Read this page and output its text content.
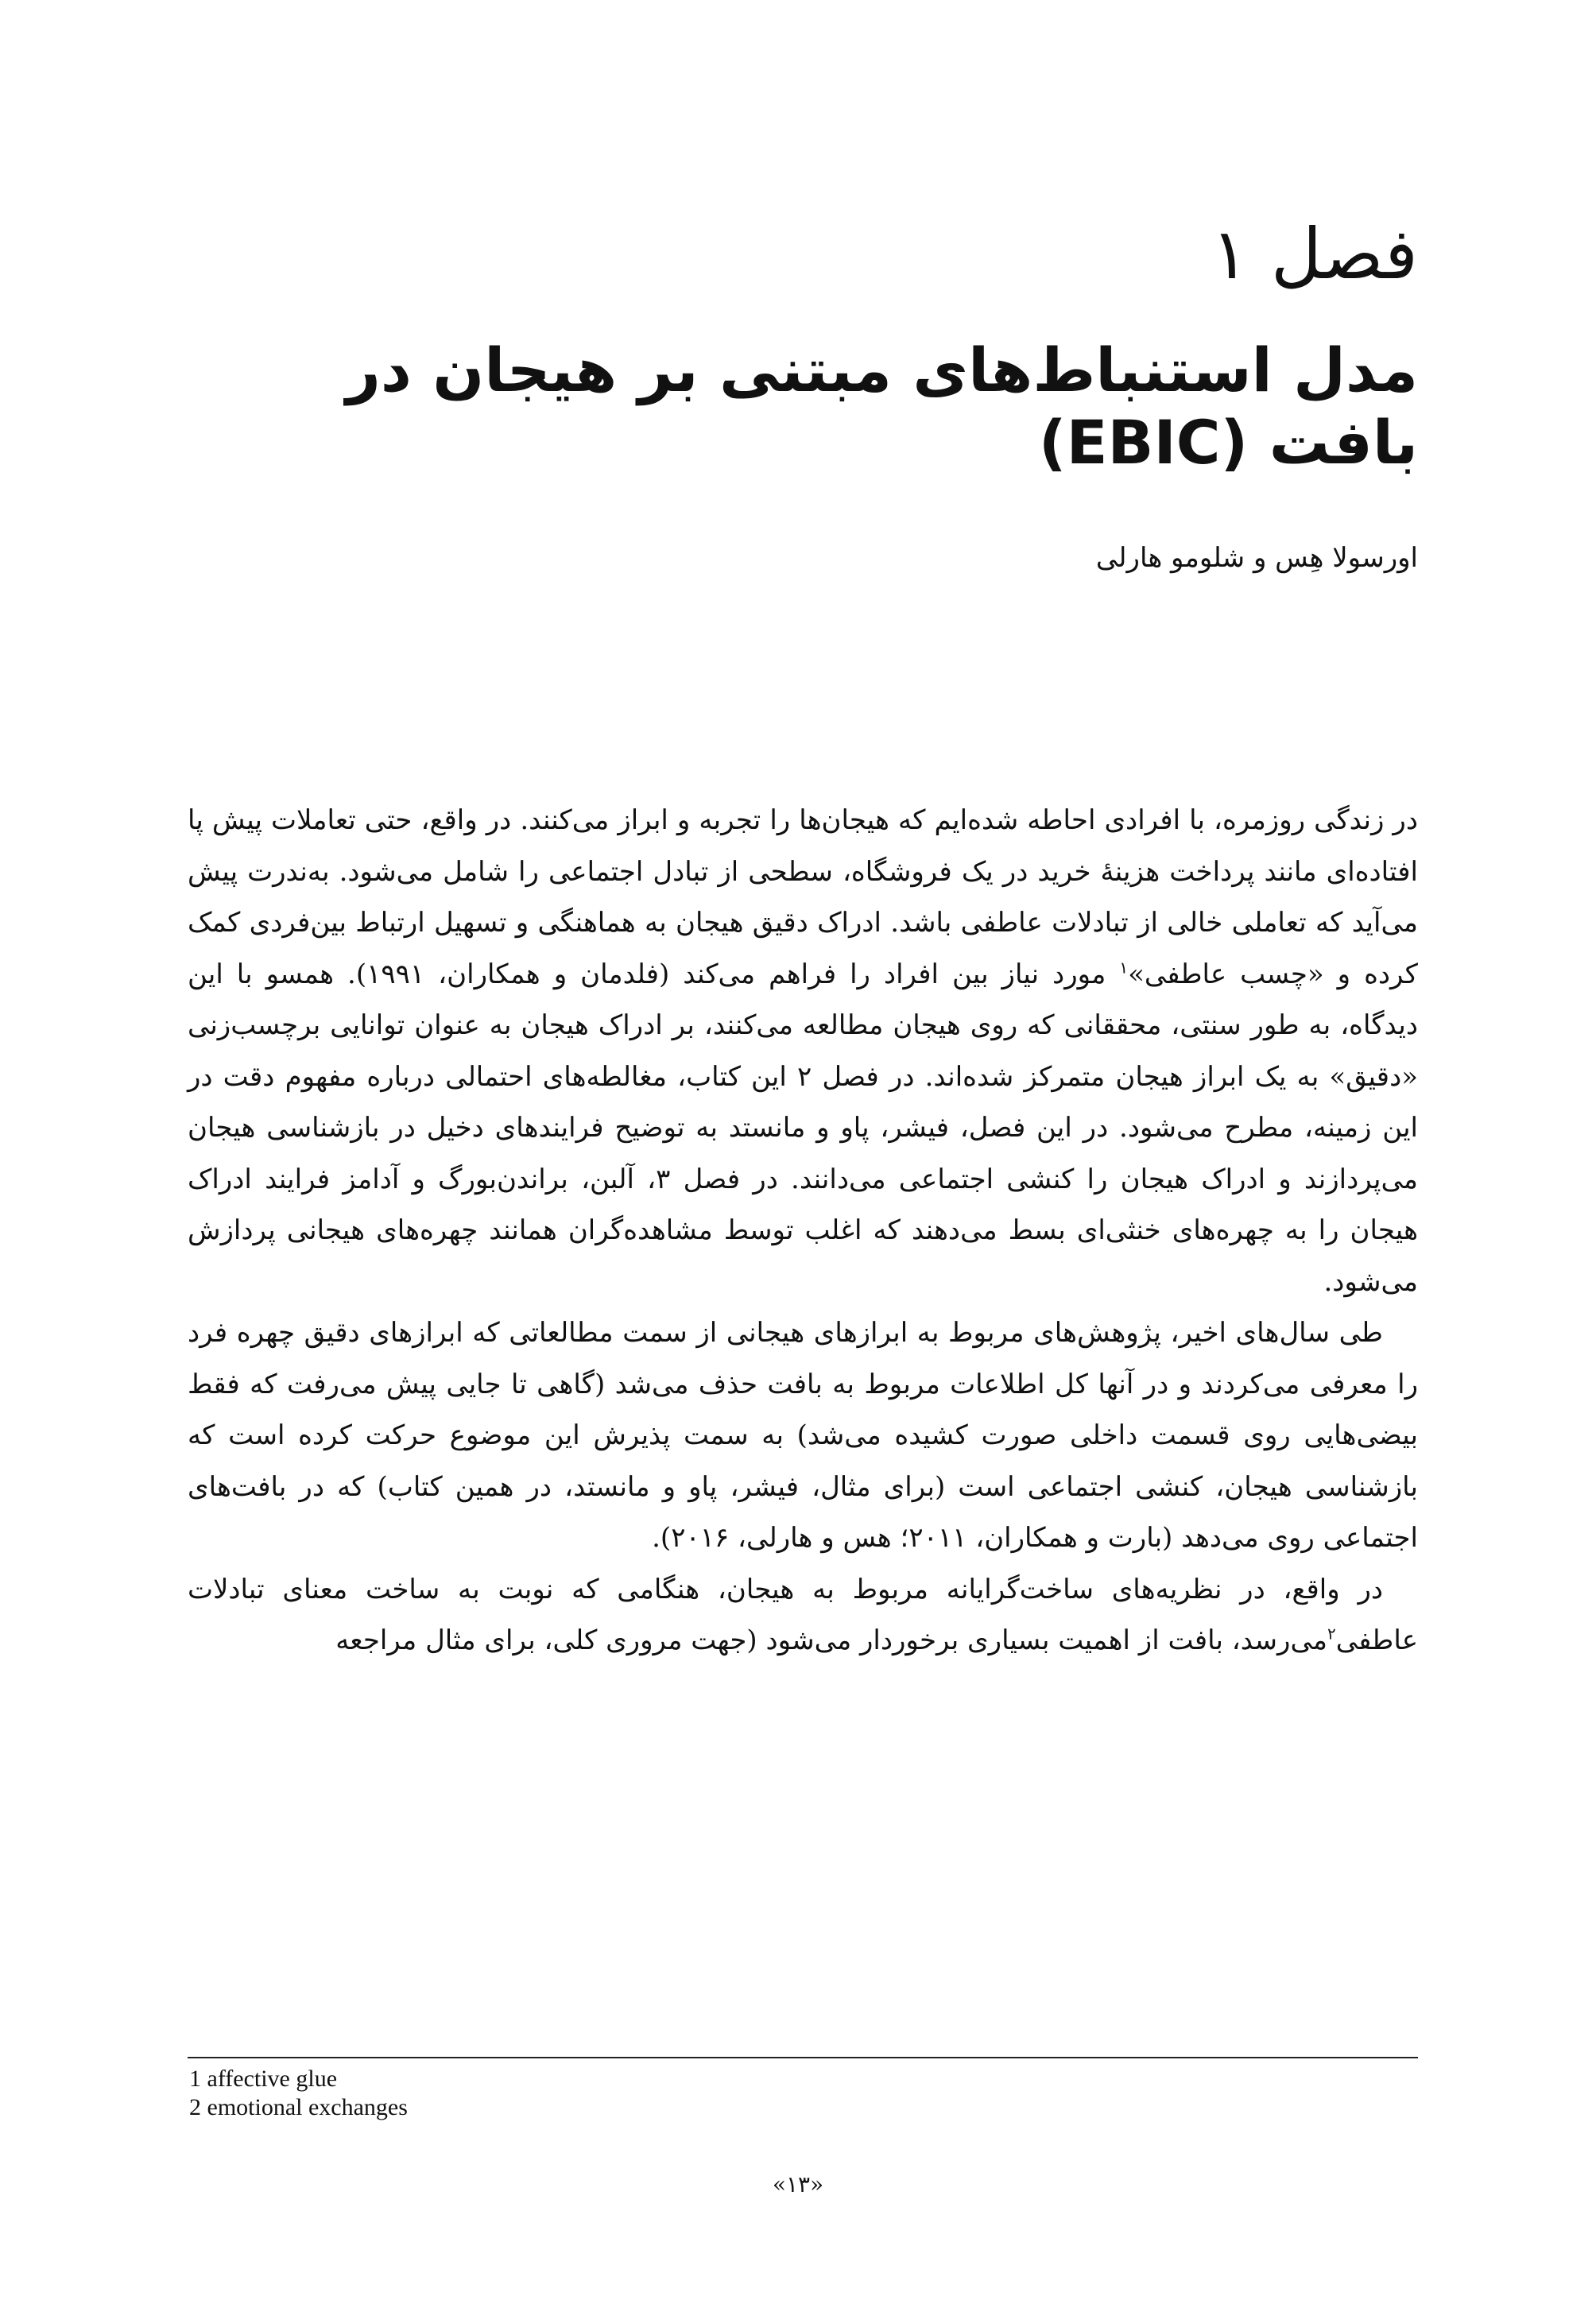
فصل ۱
مدل استنباط‌های مبتنی بر هیجان در بافت (EBIC)
اورسولا هِس و شلومو هارلی

در زندگی روزمره، با افرادی احاطه شده‌ایم که هیجان‌ها را تجربه و ابراز می‌کنند. در واقع، حتی تعاملات پیش پا افتاده‌ای مانند پرداخت هزینهٔ خرید در یک فروشگاه، سطحی از تبادل اجتماعی را شامل می‌شود. به‌ندرت پیش می‌آید که تعاملی خالی از تبادلات عاطفی باشد. ادراک دقیق هیجان به هماهنگی و تسهیل ارتباط بین‌فردی کمک کرده و «چسب عاطفی»$^۱$ مورد نیاز بین افراد را فراهم می‌کند (فلدمان و همکاران، ۱۹۹۱). همسو با این دیدگاه، به طور سنتی، محققانی که روی هیجان مطالعه می‌کنند، بر ادراک هیجان به عنوان توانایی برچسب‌زنی «دقیق» به یک ابراز هیجان متمرکز شده‌اند. در فصل ۲ این کتاب، مغالطه‌های احتمالی درباره مفهوم دقت در این زمینه، مطرح می‌شود. در این فصل، فیشر، پاو و مانستد به توضیح فرایندهای دخیل در بازشناسی هیجان می‌پردازند و ادراک هیجان را کنشی اجتماعی می‌دانند. در فصل ۳، آلبن، براندن‌بورگ و آدامز فرایند ادراک هیجان را به چهره‌های خنثی‌ای بسط می‌دهند که اغلب توسط مشاهده‌گران همانند چهره‌های هیجانی پردازش می‌شود.

طی سال‌های اخیر، پژوهش‌های مربوط به ابرازهای هیجانی از سمت مطالعاتی که ابرازهای دقیق چهره فرد را معرفی می‌کردند و در آنها کل اطلاعات مربوط به بافت حذف می‌شد (گاهی تا جایی پیش می‌رفت که فقط بیضی‌هایی روی قسمت داخلی صورت کشیده می‌شد) به سمت پذیرش این موضوع حرکت کرده است که بازشناسی هیجان، کنشی اجتماعی است (برای مثال، فیشر، پاو و مانستد، در همین کتاب) که در بافت‌های اجتماعی روی می‌دهد (بارت و همکاران، ۲۰۱۱؛ هس و هارلی، ۲۰۱۶).

در واقع، در نظریه‌های ساخت‌گرایانه مربوط به هیجان، هنگامی که نوبت به ساخت معنای تبادلات عاطفی$^۲$می‌رسد، بافت از اهمیت بسیاری برخوردار می‌شود (جهت مروری کلی، برای مثال مراجعه

1 affective glue
2 emotional exchanges
«۱۳»
